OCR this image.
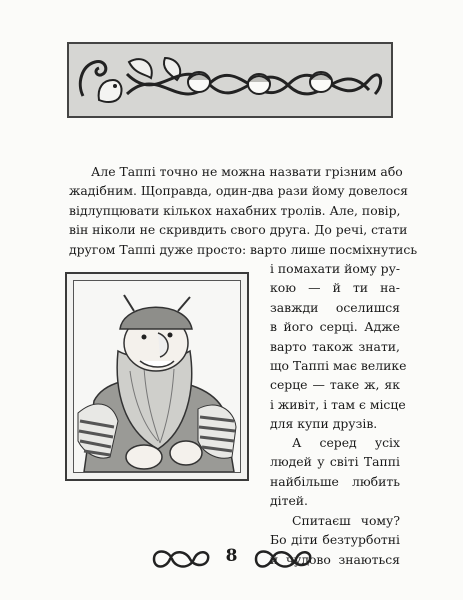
Але Таппі точно не можна назвати грізним або
жадібним. Щоправда, один-два рази йому довелося
відлупцювати кількох нахабних тролів. Але, повір,
він ніколи не скривдить свого друга. До речі, стати
другом Таппі дуже просто: варто лише посміхнутись
і помахати йому ру-
кою — й ти на-
завжди оселишся
в його серці. Адже
варто також знати,
що Таппі має велике
серце — таке ж, як
і живіт, і там є місце
для купи друзів.
А серед усіх
людей у світі Таппі
найбільше любить
дітей.
Спитаєш чому?
Бо діти безтурботні
й чудово знаються
8
